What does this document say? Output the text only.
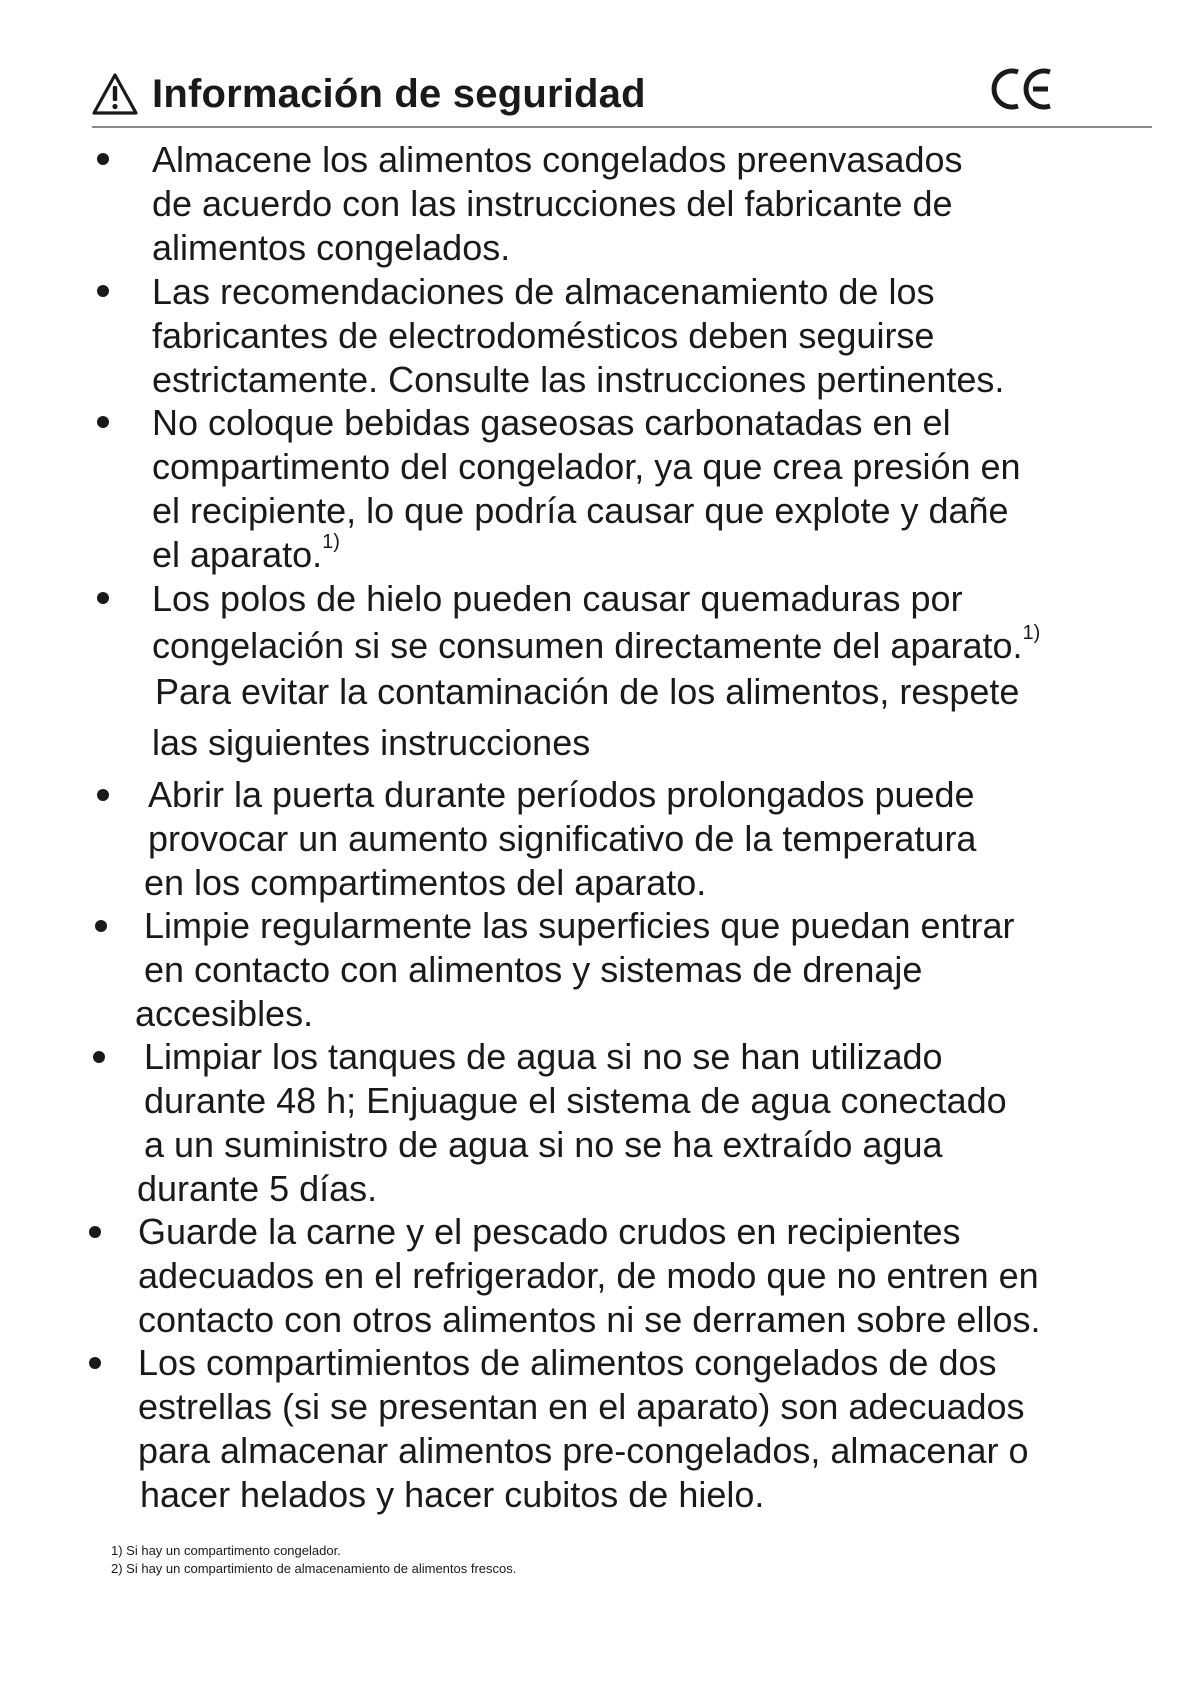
Información de seguridad
Almacene los alimentos congelados preenvasados
de acuerdo con las instrucciones del fabricante de
alimentos congelados.
Las recomendaciones de almacenamiento de los
fabricantes de electrodomésticos deben seguirse
estrictamente. Consulte las instrucciones pertinentes.
No coloque bebidas gaseosas carbonatadas en el
compartimento del congelador, ya que crea presión en
el recipiente, lo que podría causar que explote y dañe
el aparato.$^{1)}$
Los polos de hielo pueden causar quemaduras por
congelación si se consumen directamente del aparato.$^{1)}$
Para evitar la contaminación de los alimentos, respete
las siguientes instrucciones
Abrir la puerta durante períodos prolongados puede
provocar un aumento significativo de la temperatura
en los compartimentos del aparato.
Limpie regularmente las superficies que puedan entrar
en contacto con alimentos y sistemas de drenaje
accesibles.
Limpiar los tanques de agua si no se han utilizado
durante 48 h; Enjuague el sistema de agua conectado
a un suministro de agua si no se ha extraído agua
durante 5 días.
Guarde la carne y el pescado crudos en recipientes
adecuados en el refrigerador, de modo que no entren en
contacto con otros alimentos ni se derramen sobre ellos.
Los compartimientos de alimentos congelados de dos
estrellas (si se presentan en el aparato) son adecuados
para almacenar alimentos pre-congelados, almacenar o
hacer helados y hacer cubitos de hielo.
1) Si hay un compartimento congelador.
2) Si hay un compartimiento de almacenamiento de alimentos frescos.
